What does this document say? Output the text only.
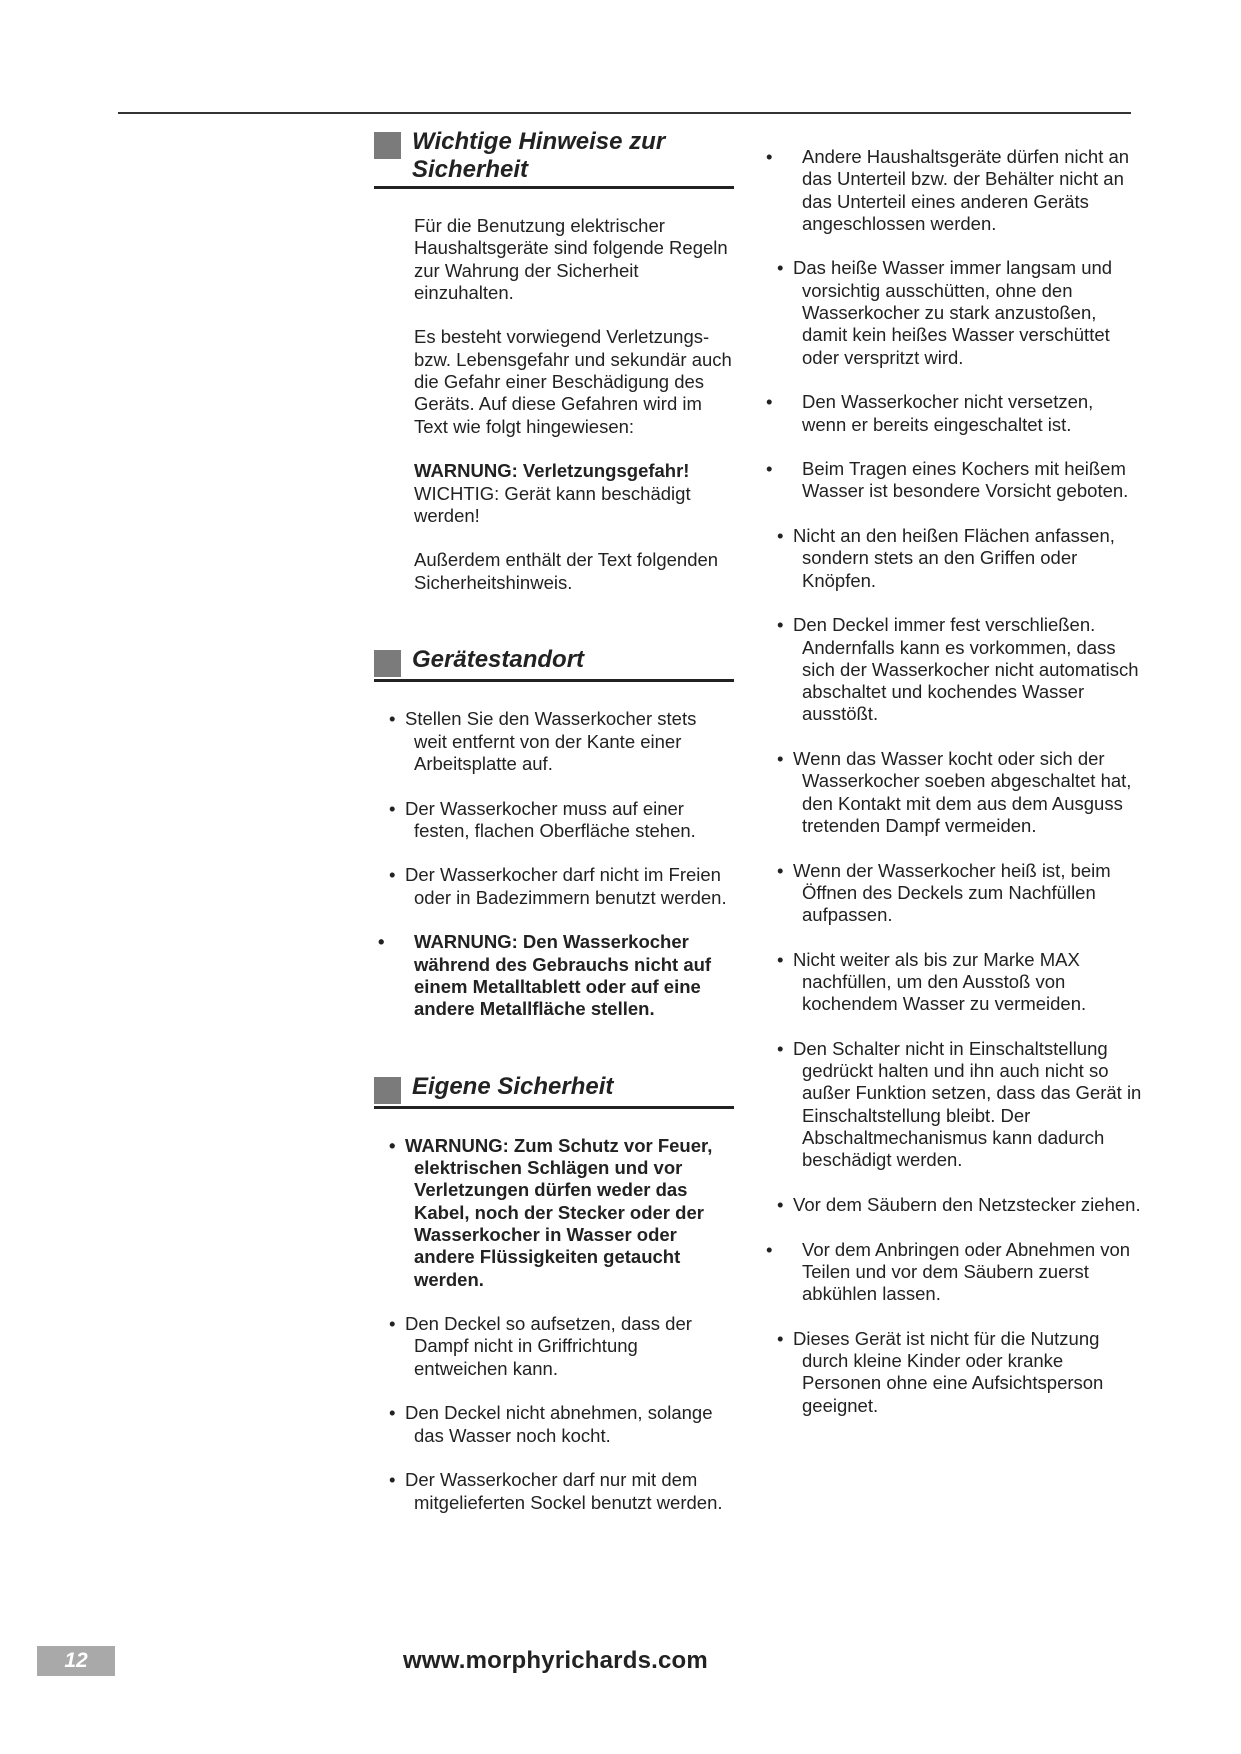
Wichtige Hinweise zur Sicherheit
Für die Benutzung elektrischer Haushaltsgeräte sind folgende Regeln zur Wahrung der Sicherheit einzuhalten.
Es besteht vorwiegend Verletzungs-bzw. Lebensgefahr und sekundär auch die Gefahr einer Beschädigung des Geräts. Auf diese Gefahren wird im Text wie folgt hingewiesen:
WARNUNG: Verletzungsgefahr!
WICHTIG: Gerät kann beschädigt werden!
Außerdem enthält der Text folgenden Sicherheitshinweis.
Gerätestandort
• Stellen Sie den Wasserkocher stets weit entfernt von der Kante einer Arbeitsplatte auf.
• Der Wasserkocher muss auf einer festen, flachen Oberfläche stehen.
• Der Wasserkocher darf nicht im Freien oder in Badezimmern benutzt werden.
• WARNUNG: Den Wasserkocher während des Gebrauchs nicht auf einem Metalltablett oder auf eine andere Metallfläche stellen.
Eigene Sicherheit
• WARNUNG: Zum Schutz vor Feuer, elektrischen Schlägen und vor Verletzungen dürfen weder das Kabel, noch der Stecker oder der Wasserkocher in Wasser oder andere Flüssigkeiten getaucht werden.
• Den Deckel so aufsetzen, dass der Dampf nicht in Griffrichtung entweichen kann.
• Den Deckel nicht abnehmen, solange das Wasser noch kocht.
• Der Wasserkocher darf nur mit dem mitgelieferten Sockel benutzt werden.
• Andere Haushaltsgeräte dürfen nicht an das Unterteil bzw. der Behälter nicht an das Unterteil eines anderen Geräts angeschlossen werden.
• Das heiße Wasser immer langsam und vorsichtig ausschütten, ohne den Wasserkocher zu stark anzustoßen, damit kein heißes Wasser verschüttet oder verspritzt wird.
• Den Wasserkocher nicht versetzen, wenn er bereits eingeschaltet ist.
• Beim Tragen eines Kochers mit heißem Wasser ist besondere Vorsicht geboten.
• Nicht an den heißen Flächen anfassen, sondern stets an den Griffen oder Knöpfen.
• Den Deckel immer fest verschließen. Andernfalls kann es vorkommen, dass sich der Wasserkocher nicht automatisch abschaltet und kochendes Wasser ausstößt.
• Wenn das Wasser kocht oder sich der Wasserkocher soeben abgeschaltet hat, den Kontakt mit dem aus dem Ausguss tretenden Dampf vermeiden.
• Wenn der Wasserkocher heiß ist, beim Öffnen des Deckels zum Nachfüllen aufpassen.
• Nicht weiter als bis zur Marke MAX nachfüllen, um den Ausstoß von kochendem Wasser zu vermeiden.
• Den Schalter nicht in Einschaltstellung gedrückt halten und ihn auch nicht so außer Funktion setzen, dass das Gerät in Einschaltstellung bleibt. Der Abschaltmechanismus kann dadurch beschädigt werden.
• Vor dem Säubern den Netzstecker ziehen.
• Vor dem Anbringen oder Abnehmen von Teilen und vor dem Säubern zuerst abkühlen lassen.
• Dieses Gerät ist nicht für die Nutzung durch kleine Kinder oder kranke Personen ohne eine Aufsichtsperson geeignet.
12	www.morphyrichards.com
